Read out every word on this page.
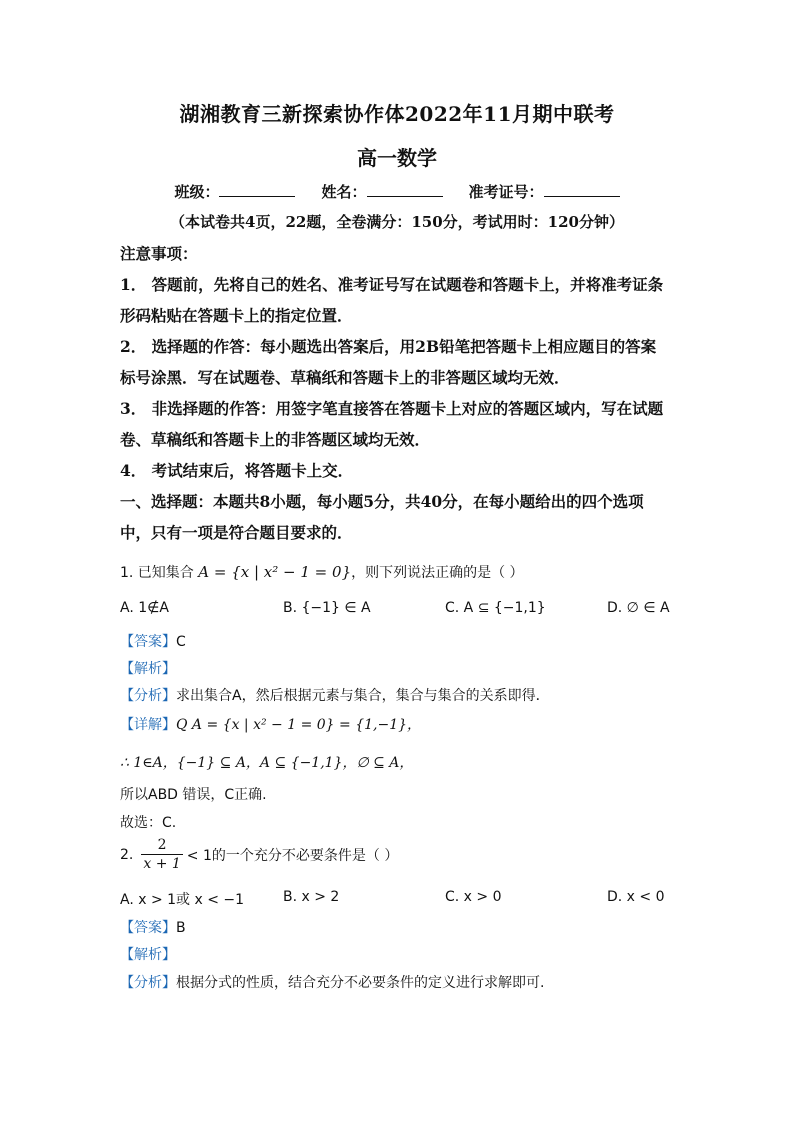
湖湘教育三新探索协作体2022年11月期中联考
高一数学
班级：	姓名：	准考证号：
（本试卷共4页，22题，全卷满分：150分，考试用时：120分钟）
注意事项：
1． 答题前，先将自己的姓名、准考证号写在试题卷和答题卡上，并将准考证条
形码粘贴在答题卡上的指定位置．
2． 选择题的作答：每小题选出答案后，用2B铅笔把答题卡上相应题目的答案
标号涂黑．写在试题卷、草稿纸和答题卡上的非答题区域均无效．
3． 非选择题的作答：用签字笔直接答在答题卡上对应的答题区域内，写在试题
卷、草稿纸和答题卡上的非答题区域均无效．
4． 考试结束后，将答题卡上交．
一、选择题：本题共8小题，每小题5分，共40分，在每小题给出的四个选项
中，只有一项是符合题目要求的．
1. 已知集合 A = {x | x² − 1 = 0}，则下列说法正确的是（ ）
A. 1∉A	B. {−1} ∈ A	C. A ⊆ {−1,1}	D. ∅ ∈ A
【答案】C
【解析】
【分析】求出集合A，然后根据元素与集合，集合与集合的关系即得．
【详解】Q A = {x | x² − 1 = 0} = {1,−1}，
∴ 1∈A，{−1} ⊆ A，A ⊆ {−1,1}，∅ ⊆ A，
所以ABD 错误，C正确.
故选：C.
2. $\frac{2}{x + 1} < 1$的一个充分不必要条件是（ ）
A. x > 1或 x < −1	B. x > 2	C. x > 0	D. x < 0
【答案】B
【解析】
【分析】根据分式的性质，结合充分不必要条件的定义进行求解即可.
